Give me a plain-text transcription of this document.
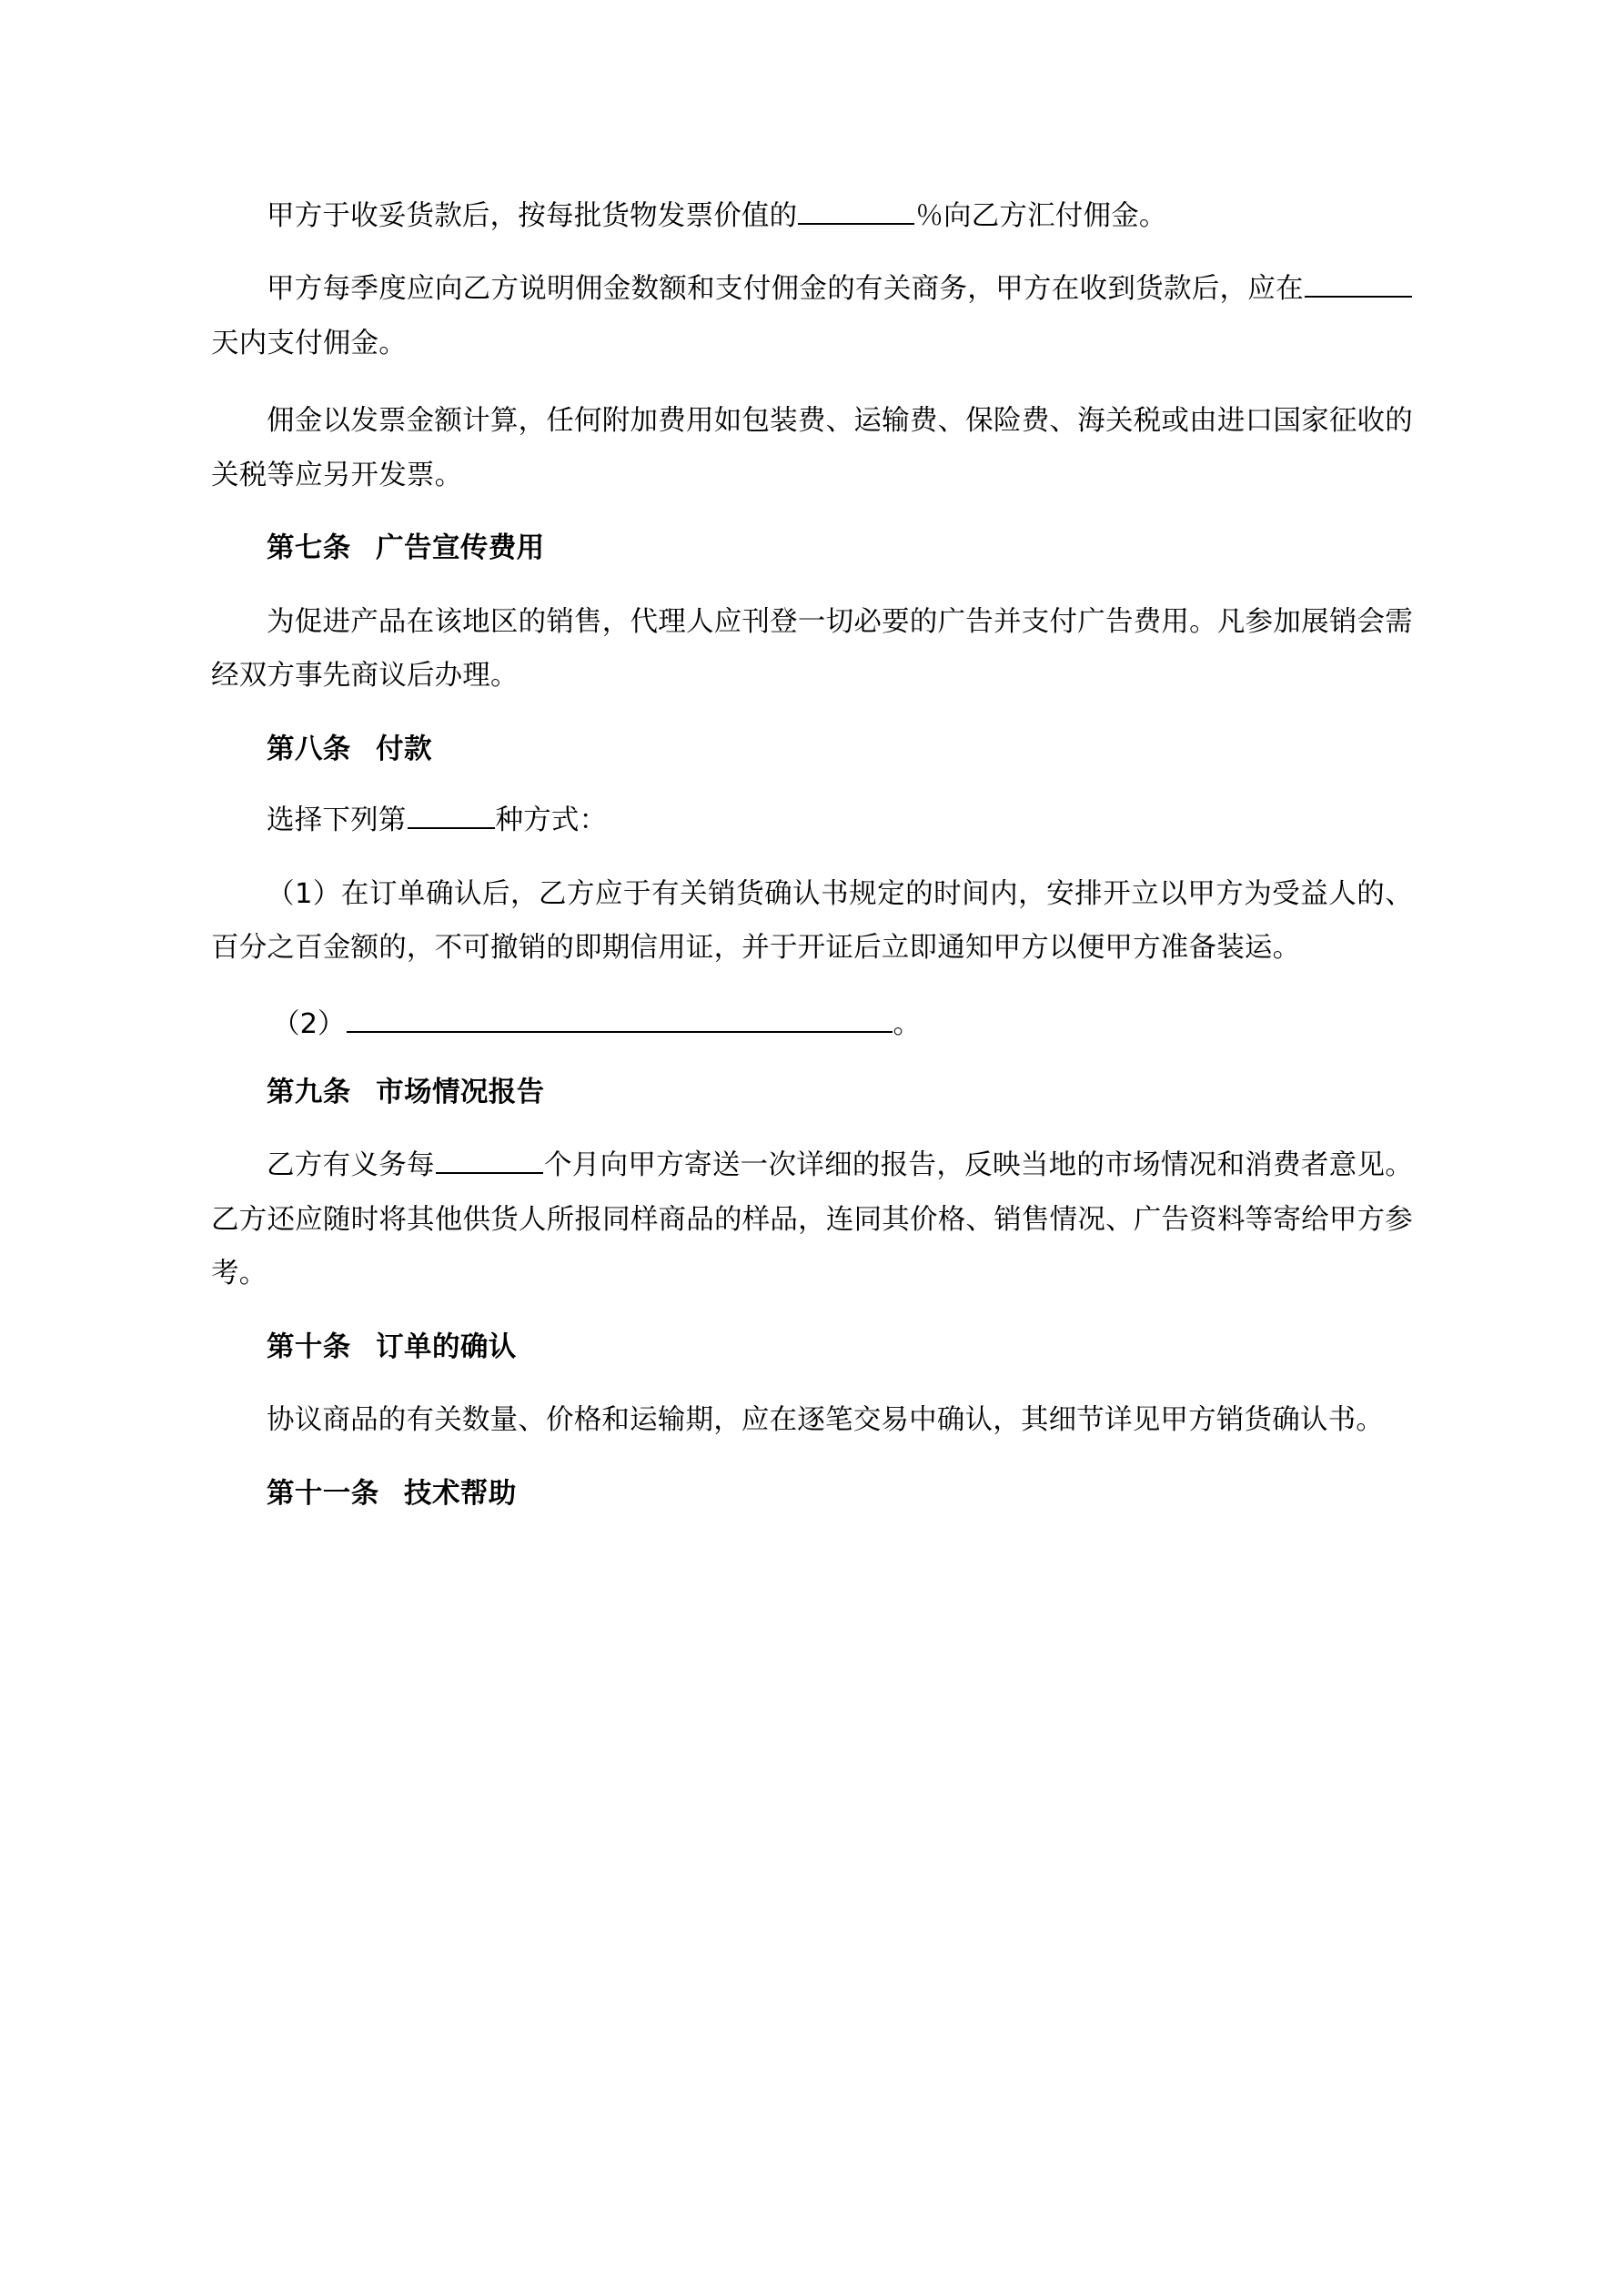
甲方于收妥货款后，按每批货物发票价值的	％向乙方汇付佣金。

甲方每季度应向乙方说明佣金数额和支付佣金的有关商务，甲方在收到货款后，应在天内支付佣金。

佣金以发票金额计算，任何附加费用如包装费、运输费、保险费、海关税或由进口国家征收的关税等应另开发票。

第七条 广告宣传费用

为促进产品在该地区的销售，代理人应刊登一切必要的广告并支付广告费用。凡参加展销会需经双方事先商议后办理。

第八条 付款

选择下列第	种方式：

（1）在订单确认后，乙方应于有关销货确认书规定的时间内，安排开立以甲方为受益人的、百分之百金额的，不可撤销的即期信用证，并于开证后立即通知甲方以便甲方准备装运。

（2）	。

第九条 市场情况报告

乙方有义务每	个月向甲方寄送一次详细的报告，反映当地的市场情况和消费者意见。乙方还应随时将其他供货人所报同样商品的样品，连同其价格、销售情况、广告资料等寄给甲方参考。

第十条 订单的确认

协议商品的有关数量、价格和运输期，应在逐笔交易中确认，其细节详见甲方销货确认书。

第十一条 技术帮助
